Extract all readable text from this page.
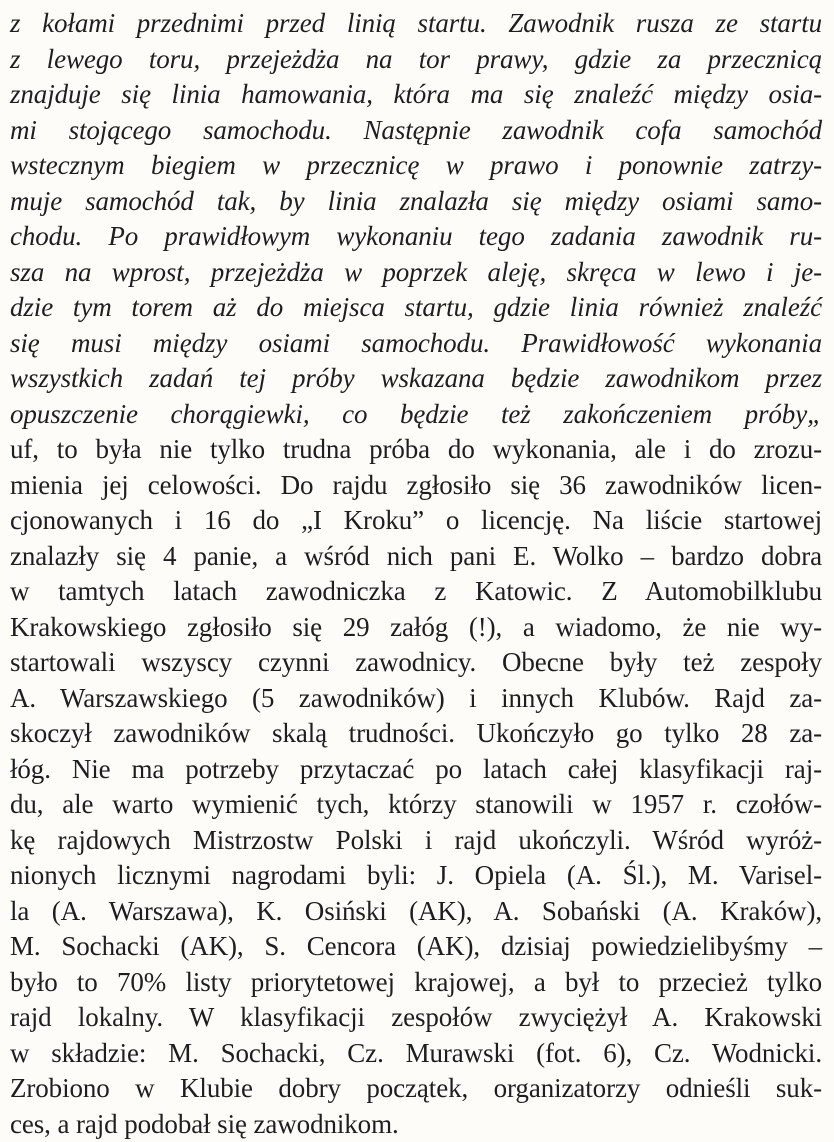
z kołami przednimi przed linią startu. Zawodnik rusza ze startu
z lewego toru, przejeżdża na tor prawy, gdzie za przecznicą
znajduje się linia hamowania, która ma się znaleźć między osia-
mi stojącego samochodu. Następnie zawodnik cofa samochód
wstecznym biegiem w przecznicę w prawo i ponownie zatrzy-
muje samochód tak, by linia znalazła się między osiami samo-
chodu. Po prawidłowym wykonaniu tego zadania zawodnik ru-
sza na wprost, przejeżdża w poprzek aleję, skręca w lewo i je-
dzie tym torem aż do miejsca startu, gdzie linia również znaleźć
się musi między osiami samochodu. Prawidłowość wykonania
wszystkich zadań tej próby wskazana będzie zawodnikom przez
opuszczenie chorągiewki, co będzie też zakończeniem próby„
uf, to była nie tylko trudna próba do wykonania, ale i do zrozu-
mienia jej celowości. Do rajdu zgłosiło się 36 zawodników licen-
cjonowanych i 16 do „I Kroku” o licencję. Na liście startowej
znalazły się 4 panie, a wśród nich pani E. Wolko – bardzo dobra
w tamtych latach zawodniczka z Katowic. Z Automobilklubu
Krakowskiego zgłosiło się 29 załóg (!), a wiadomo, że nie wy-
startowali wszyscy czynni zawodnicy. Obecne były też zespoły
A. Warszawskiego (5 zawodników) i innych Klubów. Rajd za-
skoczył zawodników skalą trudności. Ukończyło go tylko 28 za-
łóg. Nie ma potrzeby przytaczać po latach całej klasyfikacji raj-
du, ale warto wymienić tych, którzy stanowili w 1957 r. czołów-
kę rajdowych Mistrzostw Polski i rajd ukończyli. Wśród wyróż-
nionych licznymi nagrodami byli: J. Opiela (A. Śl.), M. Varisel-
la (A. Warszawa), K. Osiński (AK), A. Sobański (A. Kraków),
M. Sochacki (AK), S. Cencora (AK), dzisiaj powiedzielibyśmy –
było to 70% listy priorytetowej krajowej, a był to przecież tylko
rajd lokalny. W klasyfikacji zespołów zwyciężył A. Krakowski
w składzie: M. Sochacki, Cz. Murawski (fot. 6), Cz. Wodnicki.
Zrobiono w Klubie dobry początek, organizatorzy odnieśli suk-
ces, a rajd podobał się zawodnikom.
